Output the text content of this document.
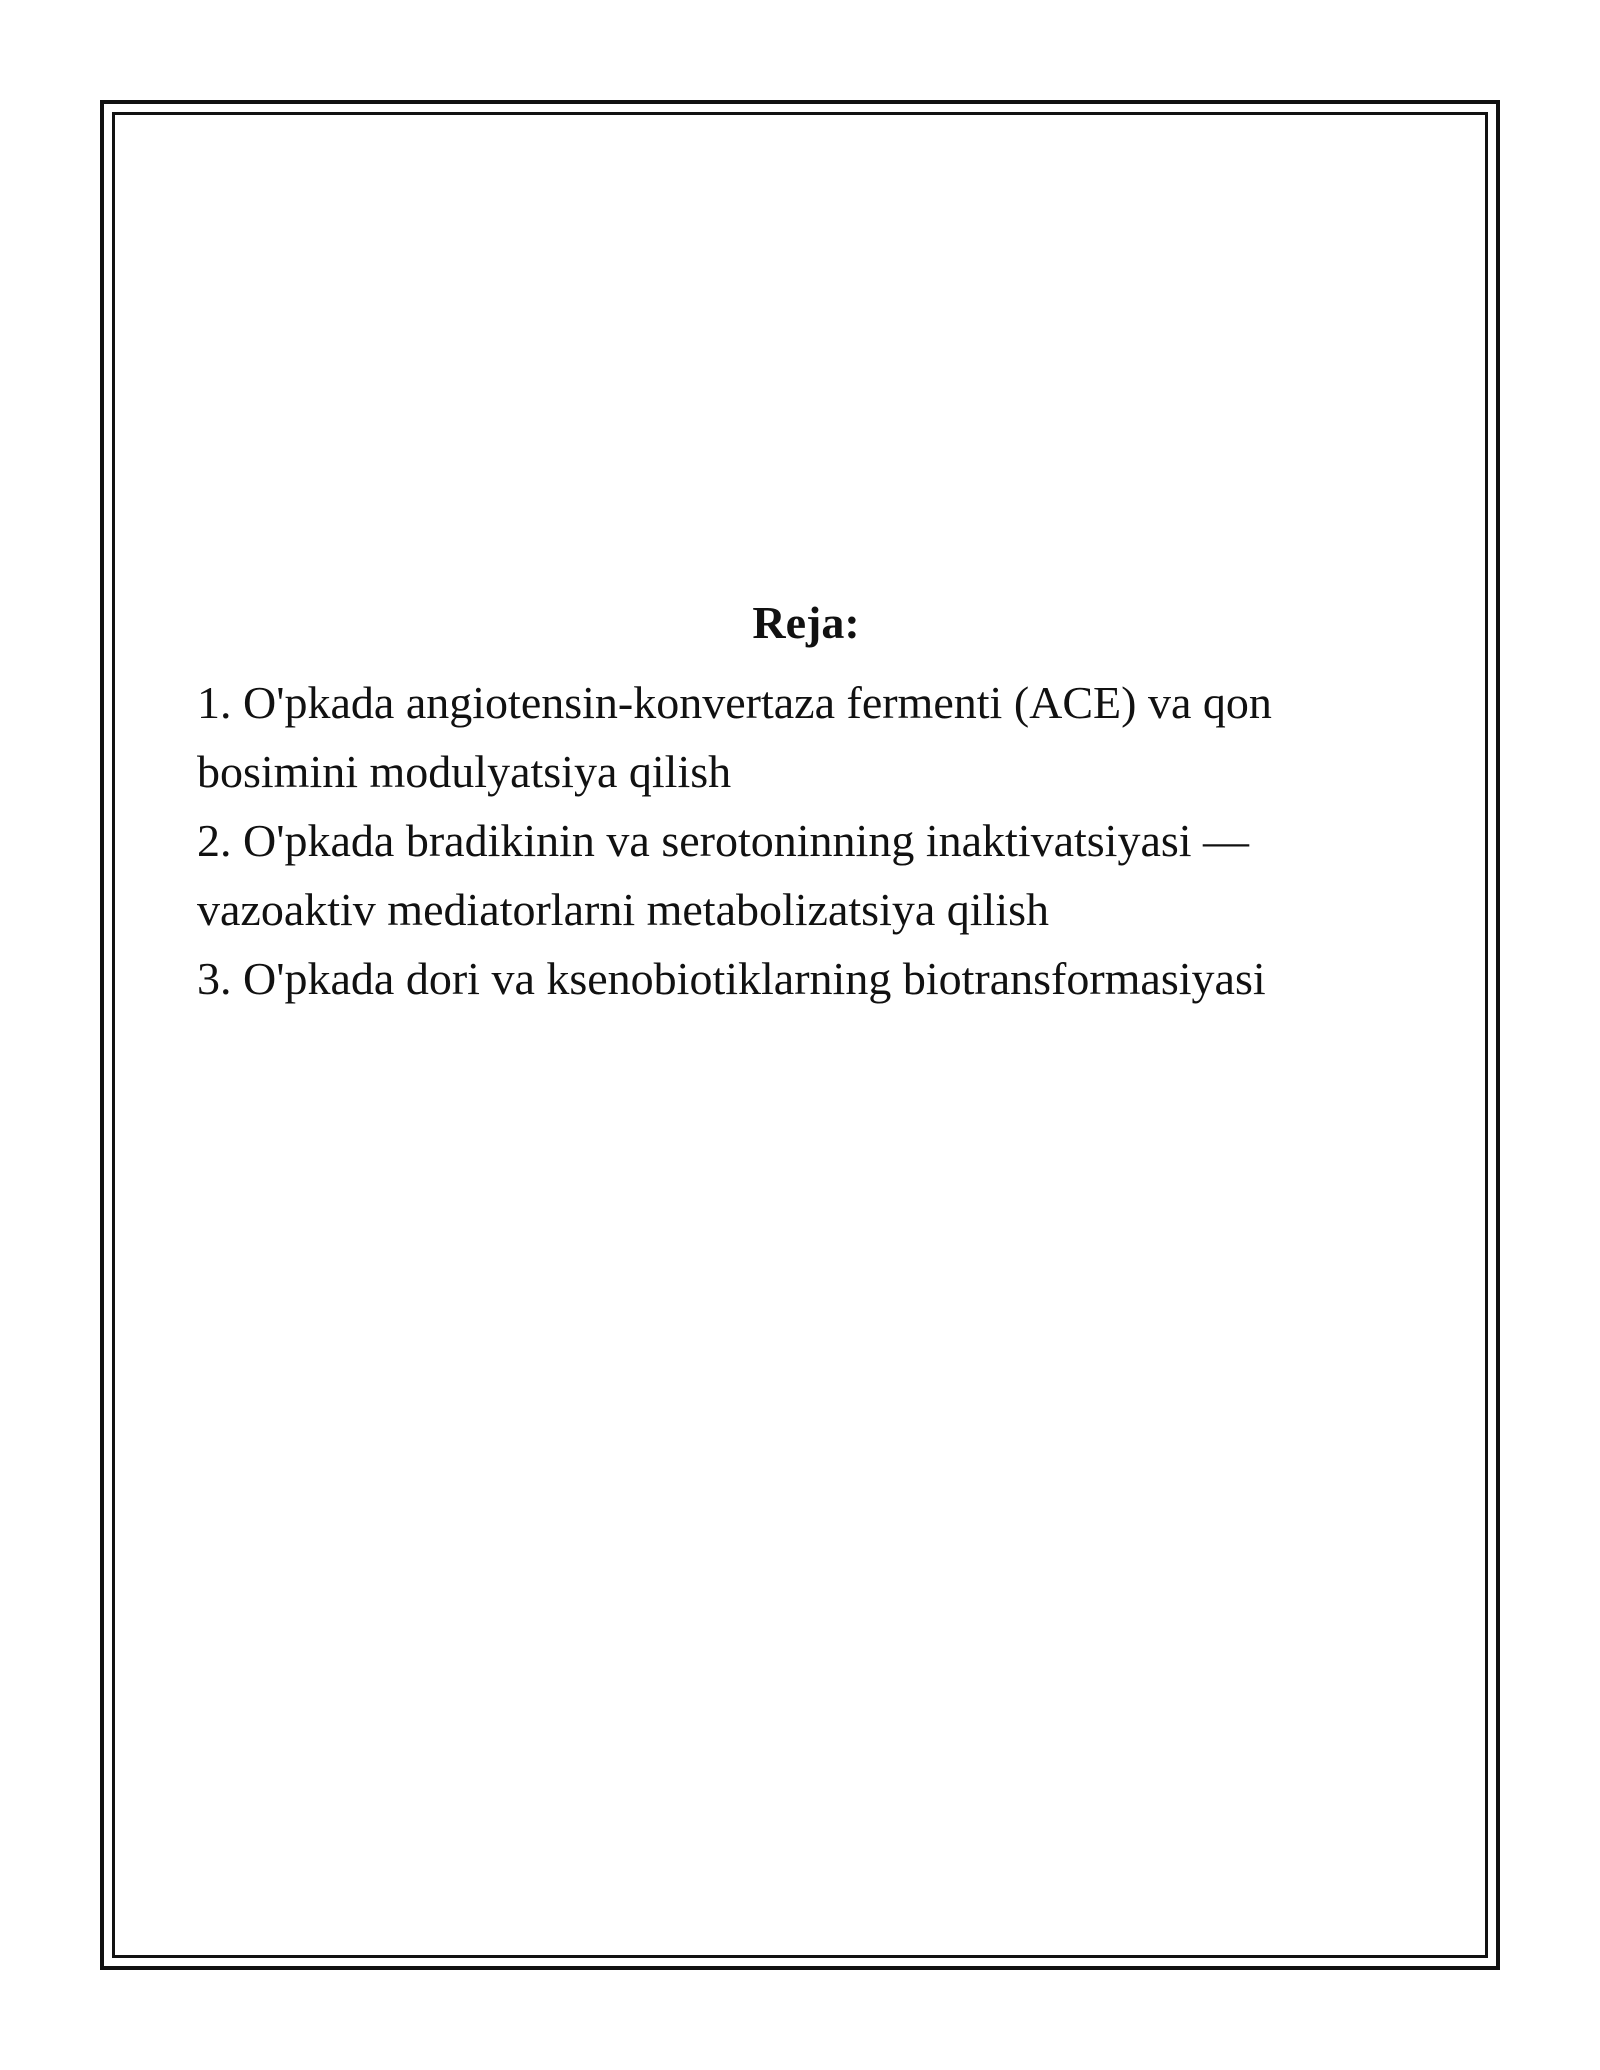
Reja:
1. O'pkada angiotensin-konvertaza fermenti (ACE) va qon bosimini modulyatsiya qilish
2. O'pkada bradikinin va serotoninning inaktivatsiyasi — vazoaktiv mediatorlarni metabolizatsiya qilish
3. O'pkada dori va ksenobiotiklarning biotransformasiyasi
